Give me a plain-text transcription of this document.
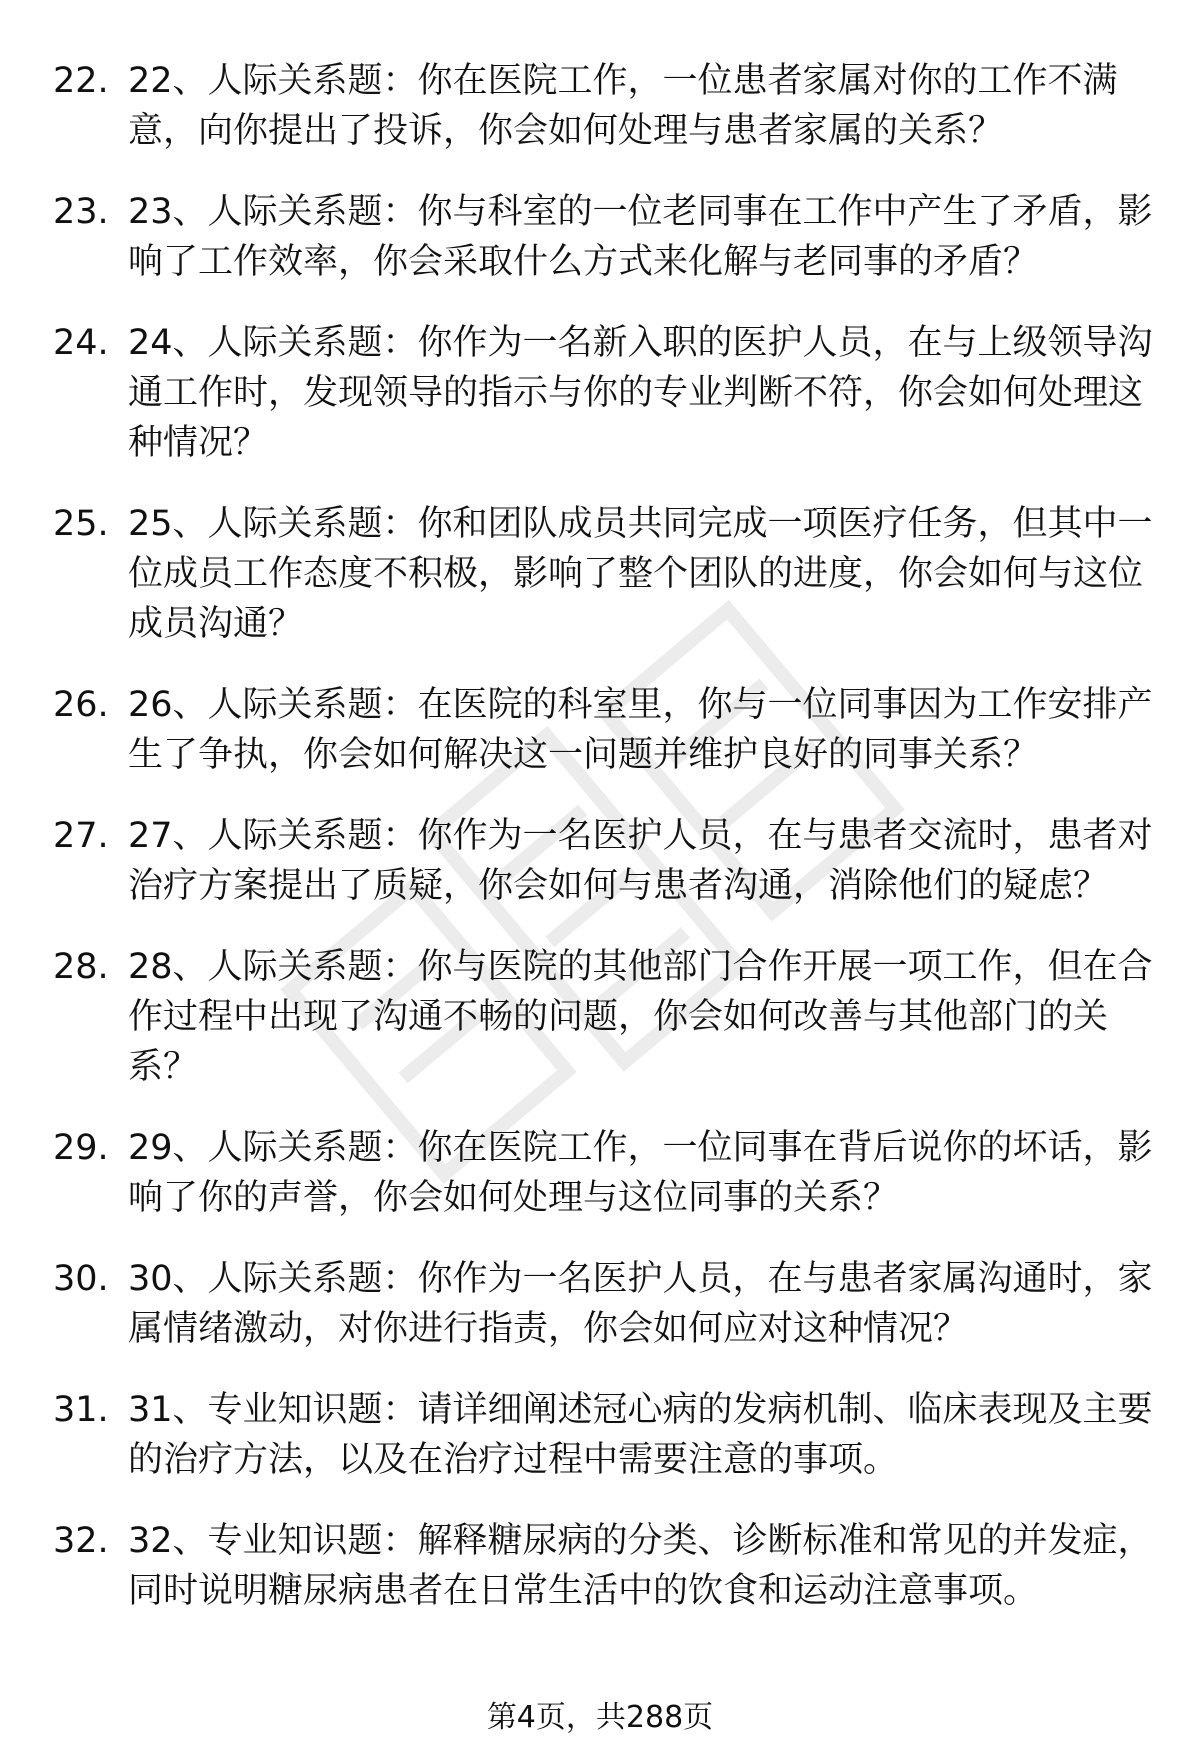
22. 22、人际关系题：你在医院工作，一位患者家属对你的工作不满意，向你提出了投诉，你会如何处理与患者家属的关系？
23. 23、人际关系题：你与科室的一位老同事在工作中产生了矛盾，影响了工作效率，你会采取什么方式来化解与老同事的矛盾？
24. 24、人际关系题：你作为一名新入职的医护人员，在与上级领导沟通工作时，发现领导的指示与你的专业判断不符，你会如何处理这种情况？
25. 25、人际关系题：你和团队成员共同完成一项医疗任务，但其中一位成员工作态度不积极，影响了整个团队的进度，你会如何与这位成员沟通？
26. 26、人际关系题：在医院的科室里，你与一位同事因为工作安排产生了争执，你会如何解决这一问题并维护良好的同事关系？
27. 27、人际关系题：你作为一名医护人员，在与患者交流时，患者对治疗方案提出了质疑，你会如何与患者沟通，消除他们的疑虑？
28. 28、人际关系题：你与医院的其他部门合作开展一项工作，但在合作过程中出现了沟通不畅的问题，你会如何改善与其他部门的关系？
29. 29、人际关系题：你在医院工作，一位同事在背后说你的坏话，影响了你的声誉，你会如何处理与这位同事的关系？
30. 30、人际关系题：你作为一名医护人员，在与患者家属沟通时，家属情绪激动，对你进行指责，你会如何应对这种情况？
31. 31、专业知识题：请详细阐述冠心病的发病机制、临床表现及主要的治疗方法，以及在治疗过程中需要注意的事项。
32. 32、专业知识题：解释糖尿病的分类、诊断标准和常见的并发症，同时说明糖尿病患者在日常生活中的饮食和运动注意事项。
第4页，共288页
